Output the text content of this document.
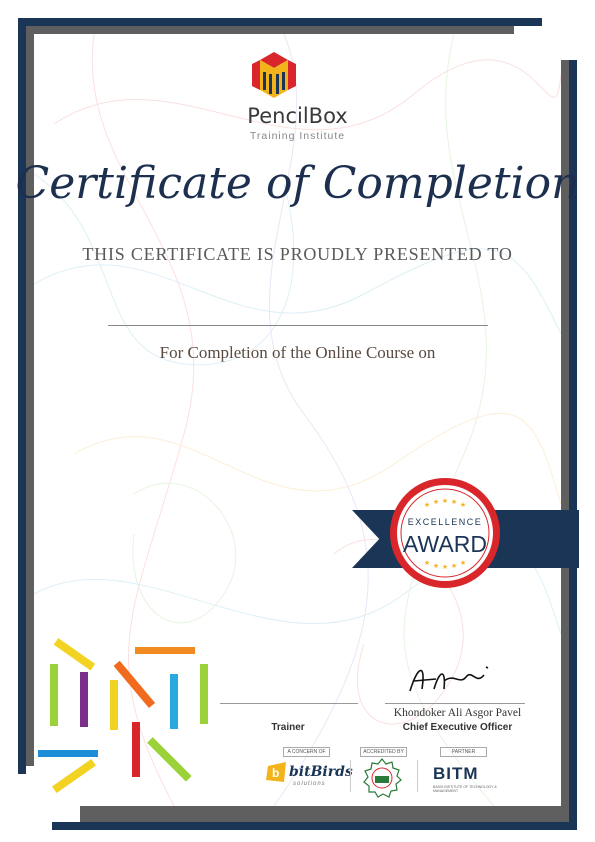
PencilBox
Training Institute
Certificate of Completion
THIS CERTIFICATE IS PROUDLY PRESENTED TO
For Completion of the Online Course on
★ ★ ★ ★ ★
★ ★ ★ ★ ★
EXCELLENCE
AWARD
Trainer
Khondoker Ali Asgor Pavel
Chief Executive Officer
A CONCERN OF
b bitBirds
solutions
ACCREDITED BY	PARTNER
BITM
BASIS INSTITUTE OF TECHNOLOGY & MANAGEMENT
